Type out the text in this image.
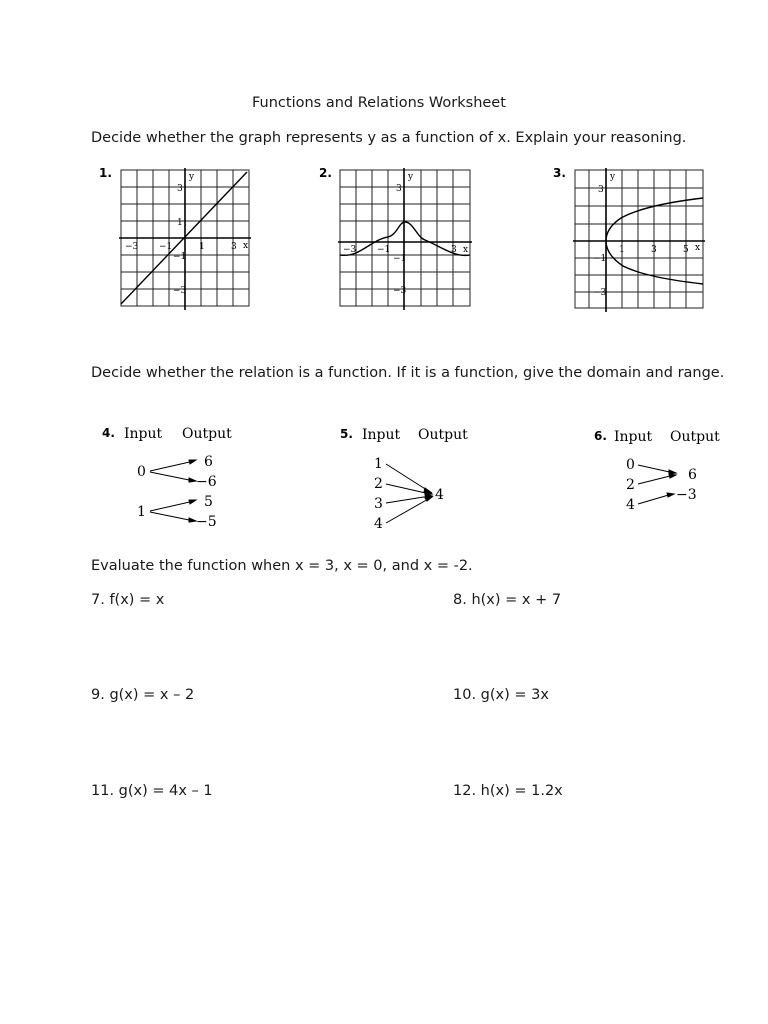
Functions and Relations Worksheet
Decide whether the graph represents y as a function of x. Explain your reasoning.
1.
x
y
−3 −1	1	3
1
−1
3
−3
2.
x
y
−3 −1	3
3
−1
−3
3.
x
y
1	3	5
3
−1
−3
Decide whether the relation is a function. If it is a function, give the domain and range.
4. Input Output
0
1
6
−6
5
−5
5. Input Output
1
2
3
4
4
6. Input Output
0
2
4
6
−3
Evaluate the function when x = 3, x = 0, and x = -2.
7. f(x) = x	8. h(x) = x + 7
9. g(x) = x – 2	10. g(x) = 3x
11. g(x) = 4x – 1	12. h(x) = 1.2x
